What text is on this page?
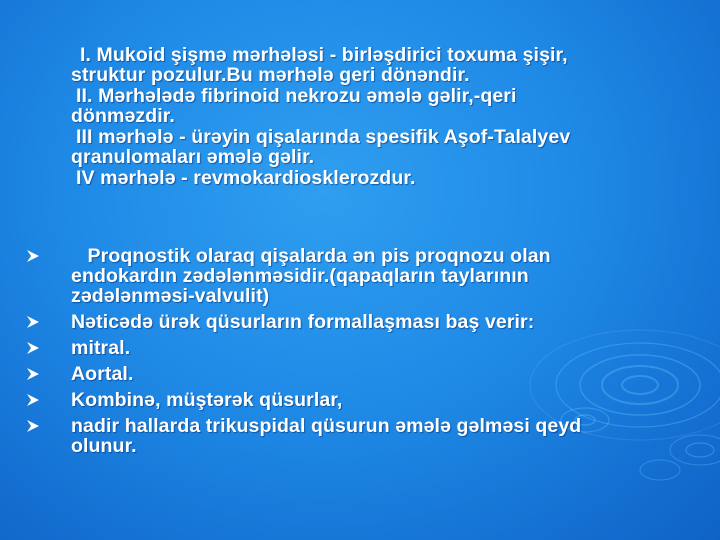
I. Mukoid şişmə mərhələsi - birləşdirici toxuma şişir,
struktur pozulur.Bu mərhələ geri dönəndir.
II. Mərhələdə fibrinoid nekrozu əmələ gəlir,-qeri
dönməzdir.
III mərhələ - ürəyin qişalarında spesifik Aşof-Talalyev
qranulomaları əmələ gəlir.
IV mərhələ - revmokardiosklerozdur.
Proqnostik olaraq qişalarda ən pis proqnozu olan
endokardın zədələnməsidir.(qapaqların taylarının
zədələnməsi-valvulit)
Nəticədə ürək qüsurların formallaşması baş verir:
mitral.
Aortal.
Kombinə, müştərək qüsurlar,
nadir hallarda trikuspidal qüsurun əmələ gəlməsi qeyd
olunur.
